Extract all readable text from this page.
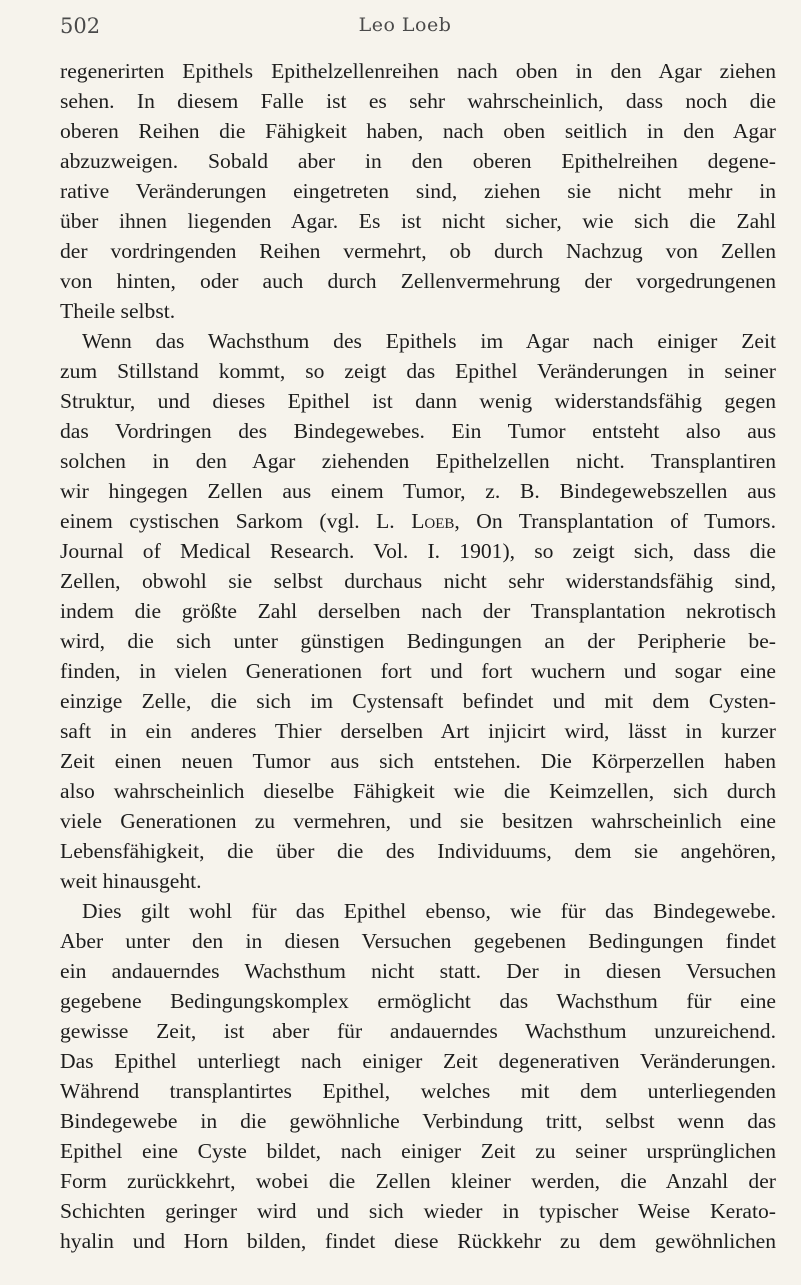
502	Leo Loeb
regenerirten Epithels Epithelzellenreihen nach oben in den Agar ziehen
sehen. In diesem Falle ist es sehr wahrscheinlich, dass noch die
oberen Reihen die Fähigkeit haben, nach oben seitlich in den Agar
abzuzweigen. Sobald aber in den oberen Epithelreihen degene-
rative Veränderungen eingetreten sind, ziehen sie nicht mehr in
über ihnen liegenden Agar. Es ist nicht sicher, wie sich die Zahl
der vordringenden Reihen vermehrt, ob durch Nachzug von Zellen
von hinten, oder auch durch Zellenvermehrung der vorgedrungenen
Theile selbst.
Wenn das Wachsthum des Epithels im Agar nach einiger Zeit
zum Stillstand kommt, so zeigt das Epithel Veränderungen in seiner
Struktur, und dieses Epithel ist dann wenig widerstandsfähig gegen
das Vordringen des Bindegewebes. Ein Tumor entsteht also aus
solchen in den Agar ziehenden Epithelzellen nicht. Transplantiren
wir hingegen Zellen aus einem Tumor, z. B. Bindegewebszellen aus
einem cystischen Sarkom (vgl. L. Loeb, On Transplantation of Tumors.
Journal of Medical Research. Vol. I. 1901), so zeigt sich, dass die
Zellen, obwohl sie selbst durchaus nicht sehr widerstandsfähig sind,
indem die größte Zahl derselben nach der Transplantation nekrotisch
wird, die sich unter günstigen Bedingungen an der Peripherie be-
finden, in vielen Generationen fort und fort wuchern und sogar eine
einzige Zelle, die sich im Cystensaft befindet und mit dem Cysten-
saft in ein anderes Thier derselben Art injicirt wird, lässt in kurzer
Zeit einen neuen Tumor aus sich entstehen. Die Körperzellen haben
also wahrscheinlich dieselbe Fähigkeit wie die Keimzellen, sich durch
viele Generationen zu vermehren, und sie besitzen wahrscheinlich eine
Lebensfähigkeit, die über die des Individuums, dem sie angehören,
weit hinausgeht.
Dies gilt wohl für das Epithel ebenso, wie für das Bindegewebe.
Aber unter den in diesen Versuchen gegebenen Bedingungen findet
ein andauerndes Wachsthum nicht statt. Der in diesen Versuchen
gegebene Bedingungskomplex ermöglicht das Wachsthum für eine
gewisse Zeit, ist aber für andauerndes Wachsthum unzureichend.
Das Epithel unterliegt nach einiger Zeit degenerativen Veränderungen.
Während transplantirtes Epithel, welches mit dem unterliegenden
Bindegewebe in die gewöhnliche Verbindung tritt, selbst wenn das
Epithel eine Cyste bildet, nach einiger Zeit zu seiner ursprünglichen
Form zurückkehrt, wobei die Zellen kleiner werden, die Anzahl der
Schichten geringer wird und sich wieder in typischer Weise Kerato-
hyalin und Horn bilden, findet diese Rückkehr zu dem gewöhnlichen
